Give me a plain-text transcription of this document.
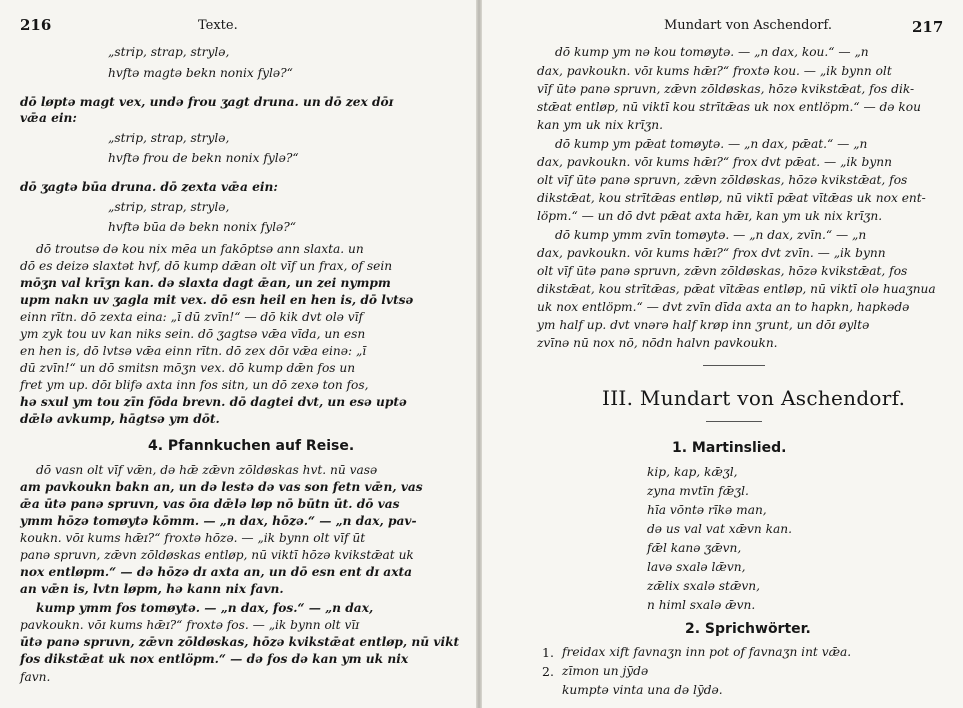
216	Texte.
„strip, strap, strylə,
hvftə magtə bekn nonix fylə?“
dō løptə magt vex, undə frou ʒagt druna. un dō zex dōɪ
vǣa ein:
„strip, strap, strylə,
hvftə frou de bekn nonix fylə?“
dō ʒagtə būa druna. dō zexta vǣa ein:
„strip, strap, strylə,
hvftə būa də bekn nonix fylə?“
dō troutsə də kou nix mēa un fakōptsə ann slaxta. un
dō es deizə slaxtət hvf, dō kump dǣan olt vīf un frax, of sein
mōʒn val krīʒn kan. də slaxta dagt ǣan, un zei nympm
upm nakn uv ʒagla mit vex. dō esn heil en hen is, dō lvtsə
einn rītn. dō zexta eina: „ī dū zvīn!“ — dō kik dvt olə vīf
ym zyk tou uv kan niks sein. dō ʒagtsə vǣa vīda, un esn
en hen is, dō lvtsə vǣa einn rītn. dō zex dōɪ vǣa einə: „ī
dū zvīn!“ un dō smitsn mōʒn vex. dō kump dǣn fos un
fret ym up. dōɪ blifə axta inn fos sitn, un dō zexə ton fos,
hə sxul ym tou zīn fōda brevn. dō dagtei dvt, un esə uptə
dǣlə avkump, hāgtsə ym dōt.
4. Pfannkuchen auf Reise.
dō vasn olt vīf vǣn, də hǣ zǣvn zōldøskas hvt. nū vasə
am pavkoukn bakn an, un də lestə də vas son fetn vǣn, vas
ǣa ūtə panə spruvn, vas ōɪa dǣlə løp nō būtn ūt. dō vas
ymm hōzə tomøytə kōmm. — „n dax, hōzə.“ — „n dax, pav-
koukn. vōɪ kums hǣɪ?“ froxtə hōzə. — „ik bynn olt vīf ūt
panə spruvn, zǣvn zōldøskas entløp, nū viktī hōzə kvikstǣat uk
nox entløpm.“ — də hōzə dɪ axta an, un dō esn ent dɪ axta
an vǣn is, lvtn løpm, hə kann nix favn.
kump ymm fos tomøytə. — „n dax, fos.“ — „n dax,
pavkoukn. vōɪ kums hǣɪ?“ froxtə fos. — „ik bynn olt vīɪ
ūtə panə spruvn, zǣvn zōldøskas, hōzə kvikstǣat entløp, nū vikt
fos dikstǣat uk nox entlöpm.“ — də fos də kan ym uk nix
favn.
Mundart von Aschendorf.	217
dō kump ym nə kou tomøytə. — „n dax, kou.“ — „n
dax, pavkoukn. vōɪ kums hǣɪ?“ froxtə kou. — „ik bynn olt
vīf ūtə panə spruvn, zǣvn zōldøskas, hōzə kvikstǣat, fos dik-
stǣat entløp, nū viktī kou strītǣas uk nox entlöpm.“ — də kou
kan ym uk nix krīʒn.
dō kump ym pǣat tomøytə. — „n dax, pǣat.“ — „n
dax, pavkoukn. vōɪ kums hǣɪ?“ frox dvt pǣat. — „ik bynn
olt vīf ūtə panə spruvn, zǣvn zōldøskas, hōzə kvikstǣat, fos
dikstǣat, kou strītǣas entløp, nū viktī pǣat vītǣas uk nox ent-
löpm.“ — un dō dvt pǣat axta hǣɪ, kan ym uk nix krīʒn.
dō kump ymm zvīn tomøytə. — „n dax, zvīn.“ — „n
dax, pavkoukn. vōɪ kums hǣɪ?“ frox dvt zvīn. — „ik bynn
olt vīf ūtə panə spruvn, zǣvn zōldøskas, hōzə kvikstǣat, fos
dikstǣat, kou strītǣas, pǣat vītǣas entløp, nū viktī olə huaʒnua
uk nox entlöpm.“ — dvt zvīn dīda axta an to hapkn, hapkədə
ym half up. dvt vnərə half krøp inn ʒrunt, un dōɪ øyltə
zvīnə nū nox nō, nōdn halvn pavkoukn.
III. Mundart von Aschendorf.
1. Martinslied.
kip, kap, kǣʒl,
zyna mvtīn fǣʒl.
hīa vōntə rīkə man,
də us val vat xǣvn kan.
fǣl kanə ʒǣvn,
lavə sxalə lǣvn,
zǣlix sxalə stǣvn,
n himl sxalə ǣvn.
2. Sprichwörter.
1. freidax xift favnaʒn inn pot of favnaʒn int vǣa.
2. zīmon un jȳdə
kumptə vinta una də lȳdə.
